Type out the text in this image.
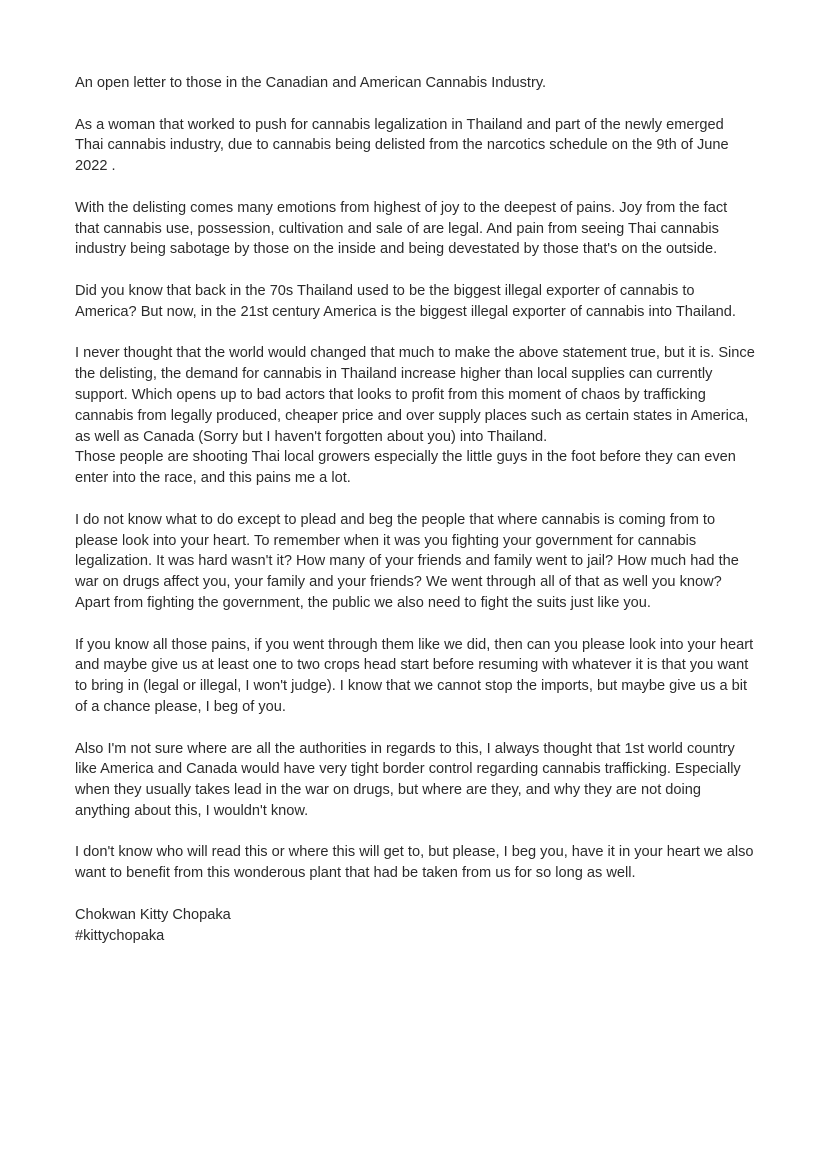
An open letter to those in the Canadian and American Cannabis Industry.

As a woman that worked to push for cannabis legalization in Thailand and part of the newly emerged Thai cannabis industry, due to cannabis being delisted from the narcotics schedule on the 9th of June 2022 .

With the delisting comes many emotions from highest of joy to the deepest of pains. Joy from the fact that cannabis use, possession, cultivation and sale of are legal. And pain from seeing Thai cannabis industry being sabotage by those on the inside and being devestated by those that's on the outside.

Did you know that back in the 70s Thailand used to be the biggest illegal exporter of cannabis to America? But now, in the 21st century America is the biggest illegal exporter of cannabis into Thailand.

I never thought that the world would changed that much to make the above statement true, but it is. Since the delisting, the demand for cannabis in Thailand increase higher than local supplies can currently support. Which opens up to bad actors that looks to profit from this moment of chaos by trafficking cannabis from legally produced, cheaper price and over supply places such as certain states in America, as well as Canada (Sorry but I haven't forgotten about you) into Thailand.
Those people are shooting Thai local growers especially the little guys in the foot before they can even enter into the race, and this pains me a lot.

I do not know what to do except to plead and beg the people that where cannabis is coming from to please look into your heart. To remember when it was you fighting your government for cannabis legalization. It was hard wasn't it? How many of your friends and family went to jail? How much had the war on drugs affect you, your family and your friends? We went through all of that as well you know? Apart from fighting the government, the public we also need to fight the suits just like you.

If you know all those pains, if you went through them like we did, then can you please look into your heart and maybe give us at least one to two crops head start before resuming with whatever it is that you want to bring in (legal or illegal, I won't judge). I know that we cannot stop the imports, but maybe give us a bit of a chance please, I beg of you.

Also I'm not sure where are all the authorities in regards to this, I always thought that 1st world country like America and Canada would have very tight border control regarding cannabis trafficking. Especially when they usually takes lead in the war on drugs, but where are they, and why they are not doing anything about this, I wouldn't know.

I don't know who will read this or where this will get to, but please, I beg you, have it in your heart we also want to benefit from this wonderous plant that had be taken from us for so long as well.

Chokwan Kitty Chopaka

#kittychopaka
